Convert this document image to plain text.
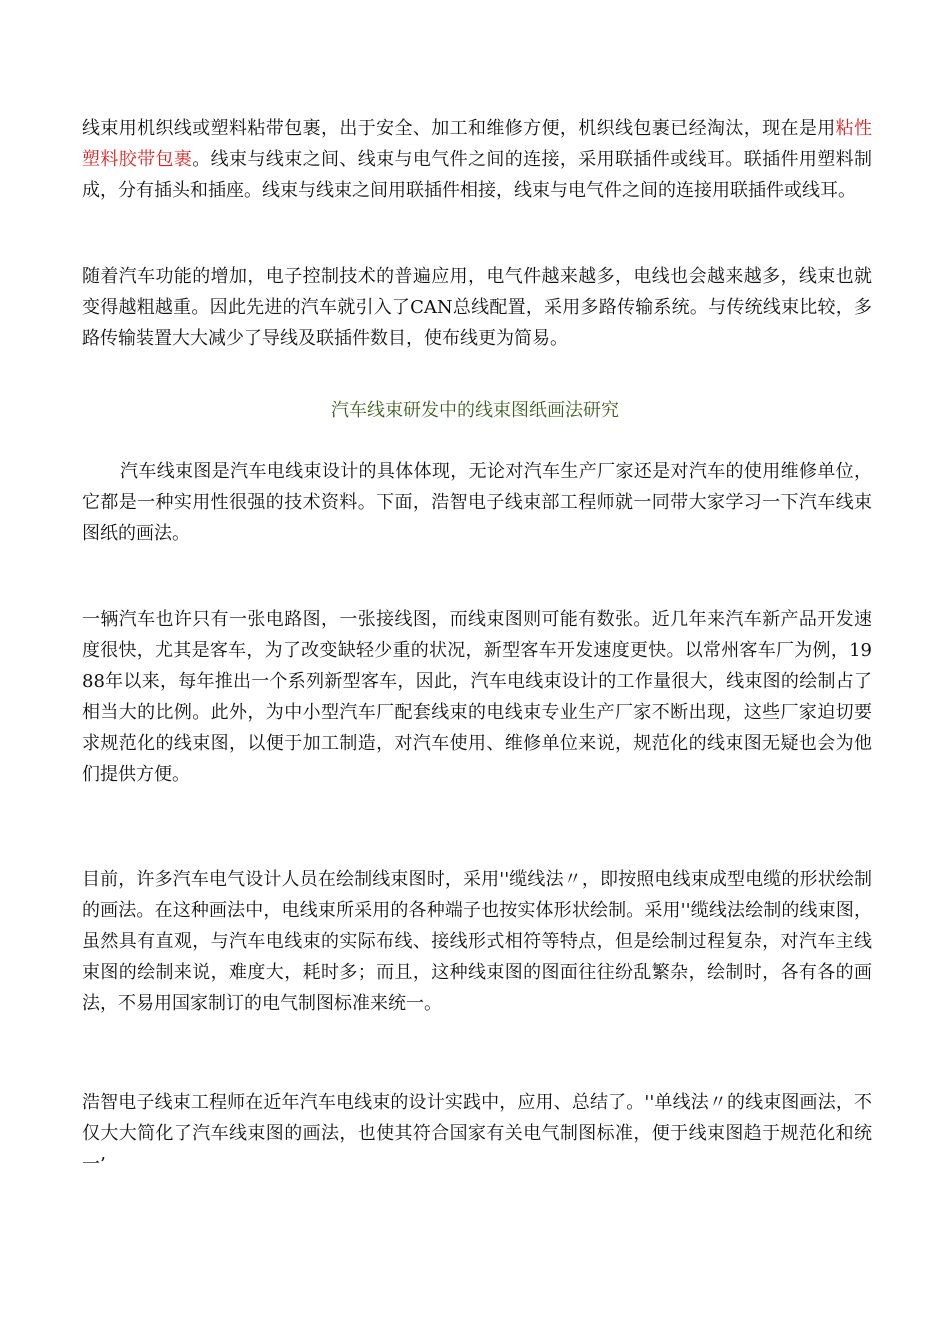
线束用机织线或塑料粘带包裹，出于安全、加工和维修方便，机织线包裹已经淘汰，现在是用粘性塑料胶带包裹。线束与线束之间、线束与电气件之间的连接，采用联插件或线耳。联插件用塑料制成，分有插头和插座。线束与线束之间用联插件相接，线束与电气件之间的连接用联插件或线耳。

随着汽车功能的增加，电子控制技术的普遍应用，电气件越来越多，电线也会越来越多，线束也就变得越粗越重。因此先进的汽车就引入了CAN总线配置，采用多路传输系统。与传统线束比较，多路传输装置大大减少了导线及联插件数目，使布线更为简易。

汽车线束研发中的线束图纸画法研究

汽车线束图是汽车电线束设计的具体体现，无论对汽车生产厂家还是对汽车的使用维修单位，它都是一种实用性很强的技术资料。下面，浩智电子线束部工程师就一同带大家学习一下汽车线束图纸的画法。

一辆汽车也许只有一张电路图，一张接线图，而线束图则可能有数张。近几年来汽车新产品开发速度很快，尤其是客车，为了改变缺轻少重的状况，新型客车开发速度更快。以常州客车厂为例，1988年以来，每年推出一个系列新型客车，因此，汽车电线束设计的工作量很大，线束图的绘制占了相当大的比例。此外，为中小型汽车厂配套线束的电线束专业生产厂家不断出现，这些厂家迫切要求规范化的线束图，以便于加工制造，对汽车使用、维修单位来说，规范化的线束图无疑也会为他们提供方便。

目前，许多汽车电气设计人员在绘制线束图时，采用''缆线法〃，即按照电线束成型电缆的形状绘制的画法。在这种画法中，电线束所采用的各种端子也按实体形状绘制。采用''缆线法绘制的线束图，虽然具有直观，与汽车电线束的实际布线、接线形式相符等特点，但是绘制过程复杂，对汽车主线束图的绘制来说，难度大，耗时多；而且，这种线束图的图面往往纷乱繁杂，绘制时，各有各的画法，不易用国家制订的电气制图标准来统一。

浩智电子线束工程师在近年汽车电线束的设计实践中，应用、总结了。''单线法〃的线束图画法，不仅大大简化了汽车线束图的画法，也使其符合国家有关电气制图标准，便于线束图趋于规范化和统一’
